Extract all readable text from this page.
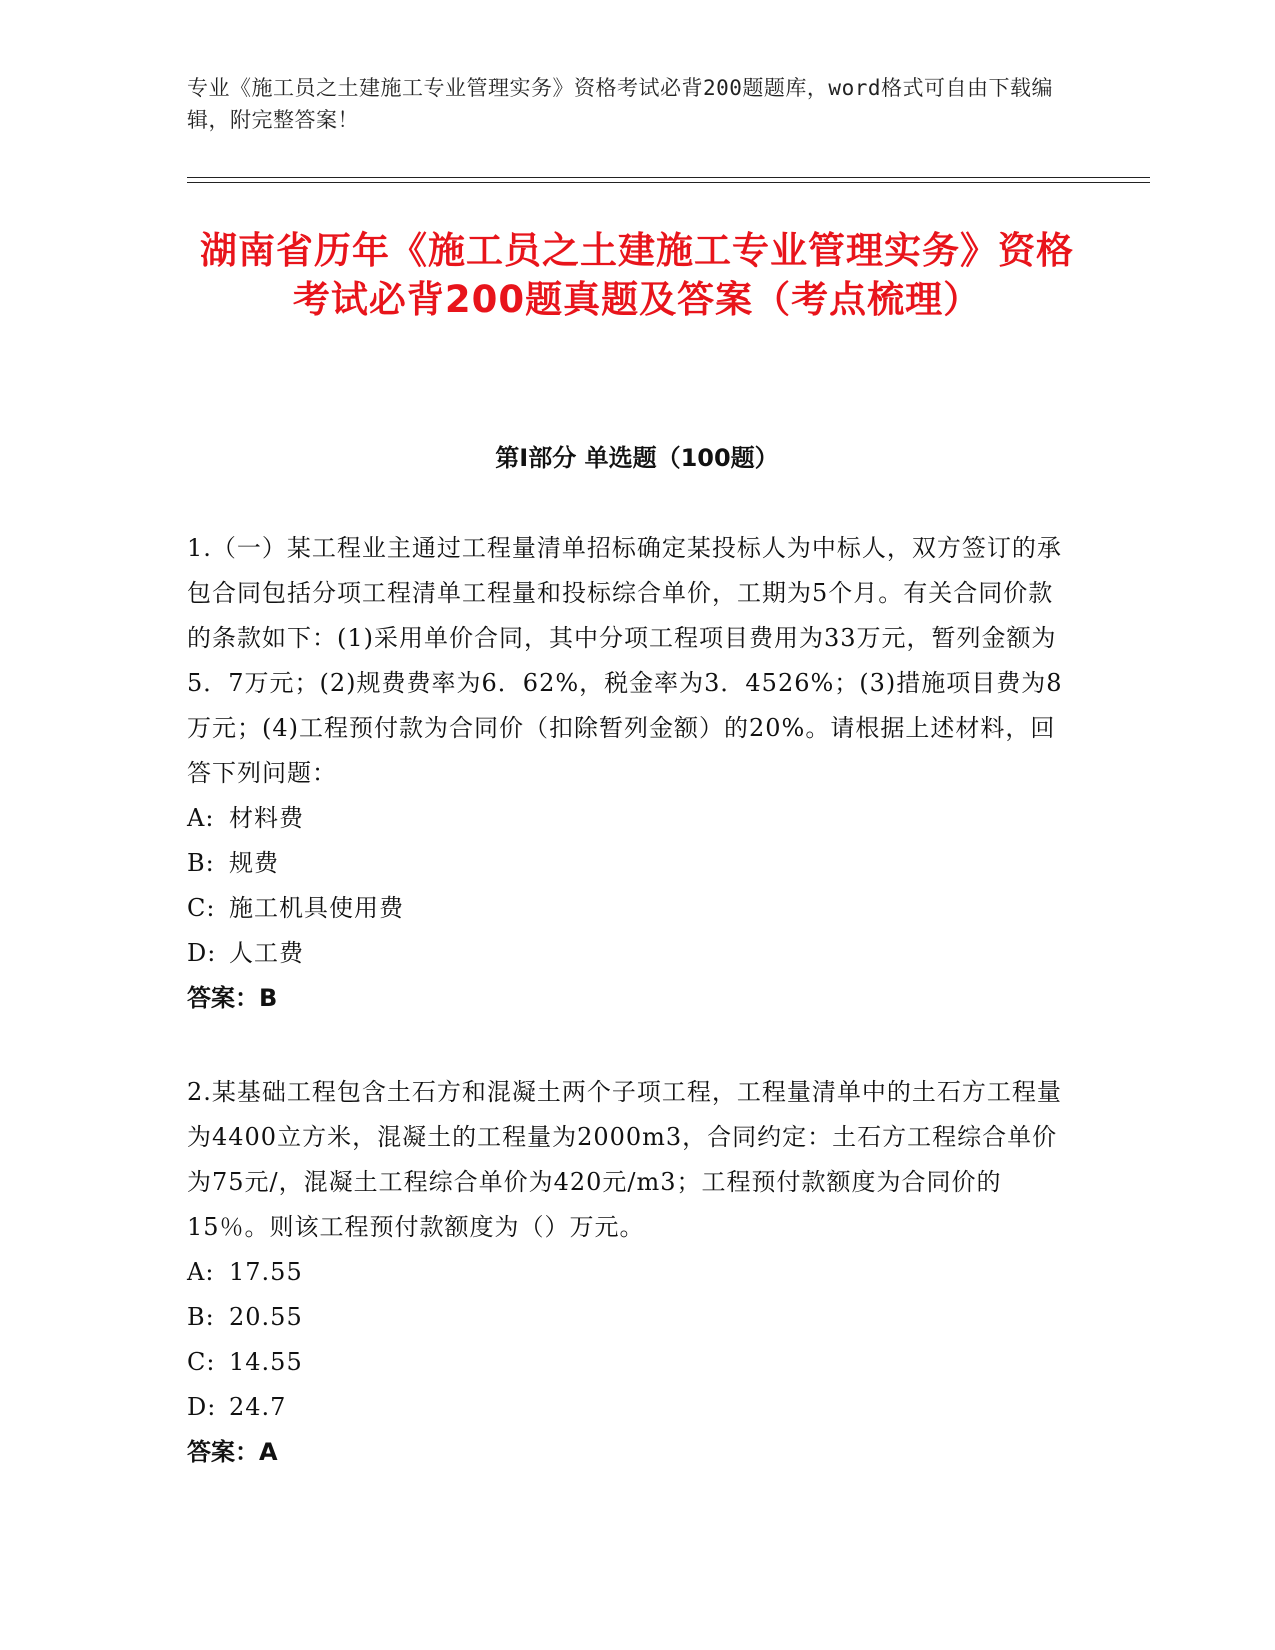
专业《施工员之土建施工专业管理实务》资格考试必背200题题库，word格式可自由下载编辑，附完整答案！
湖南省历年《施工员之土建施工专业管理实务》资格考试必背200题真题及答案（考点梳理）
第I部分 单选题（100题）

1.（一）某工程业主通过工程量清单招标确定某投标人为中标人，双方签订的承包合同包括分项工程清单工程量和投标综合单价，工期为5个月。有关合同价款的条款如下：(1)采用单价合同，其中分项工程项目费用为33万元，暂列金额为5．7万元；(2)规费费率为6．62%，税金率为3．4526%；(3)措施项目费为8万元；(4)工程预付款为合同价（扣除暂列金额）的20%。请根据上述材料，回答下列问题：

A: 材料费
B: 规费
C: 施工机具使用费
D: 人工费
答案：B

2.某基础工程包含土石方和混凝土两个子项工程，工程量清单中的土石方工程量为4400立方米，混凝土的工程量为2000m3，合同约定：土石方工程综合单价为75元/，混凝土工程综合单价为420元/m3；工程预付款额度为合同价的15％。则该工程预付款额度为（）万元。

A: 17.55
B: 20.55
C: 14.55
D: 24.7
答案：A
